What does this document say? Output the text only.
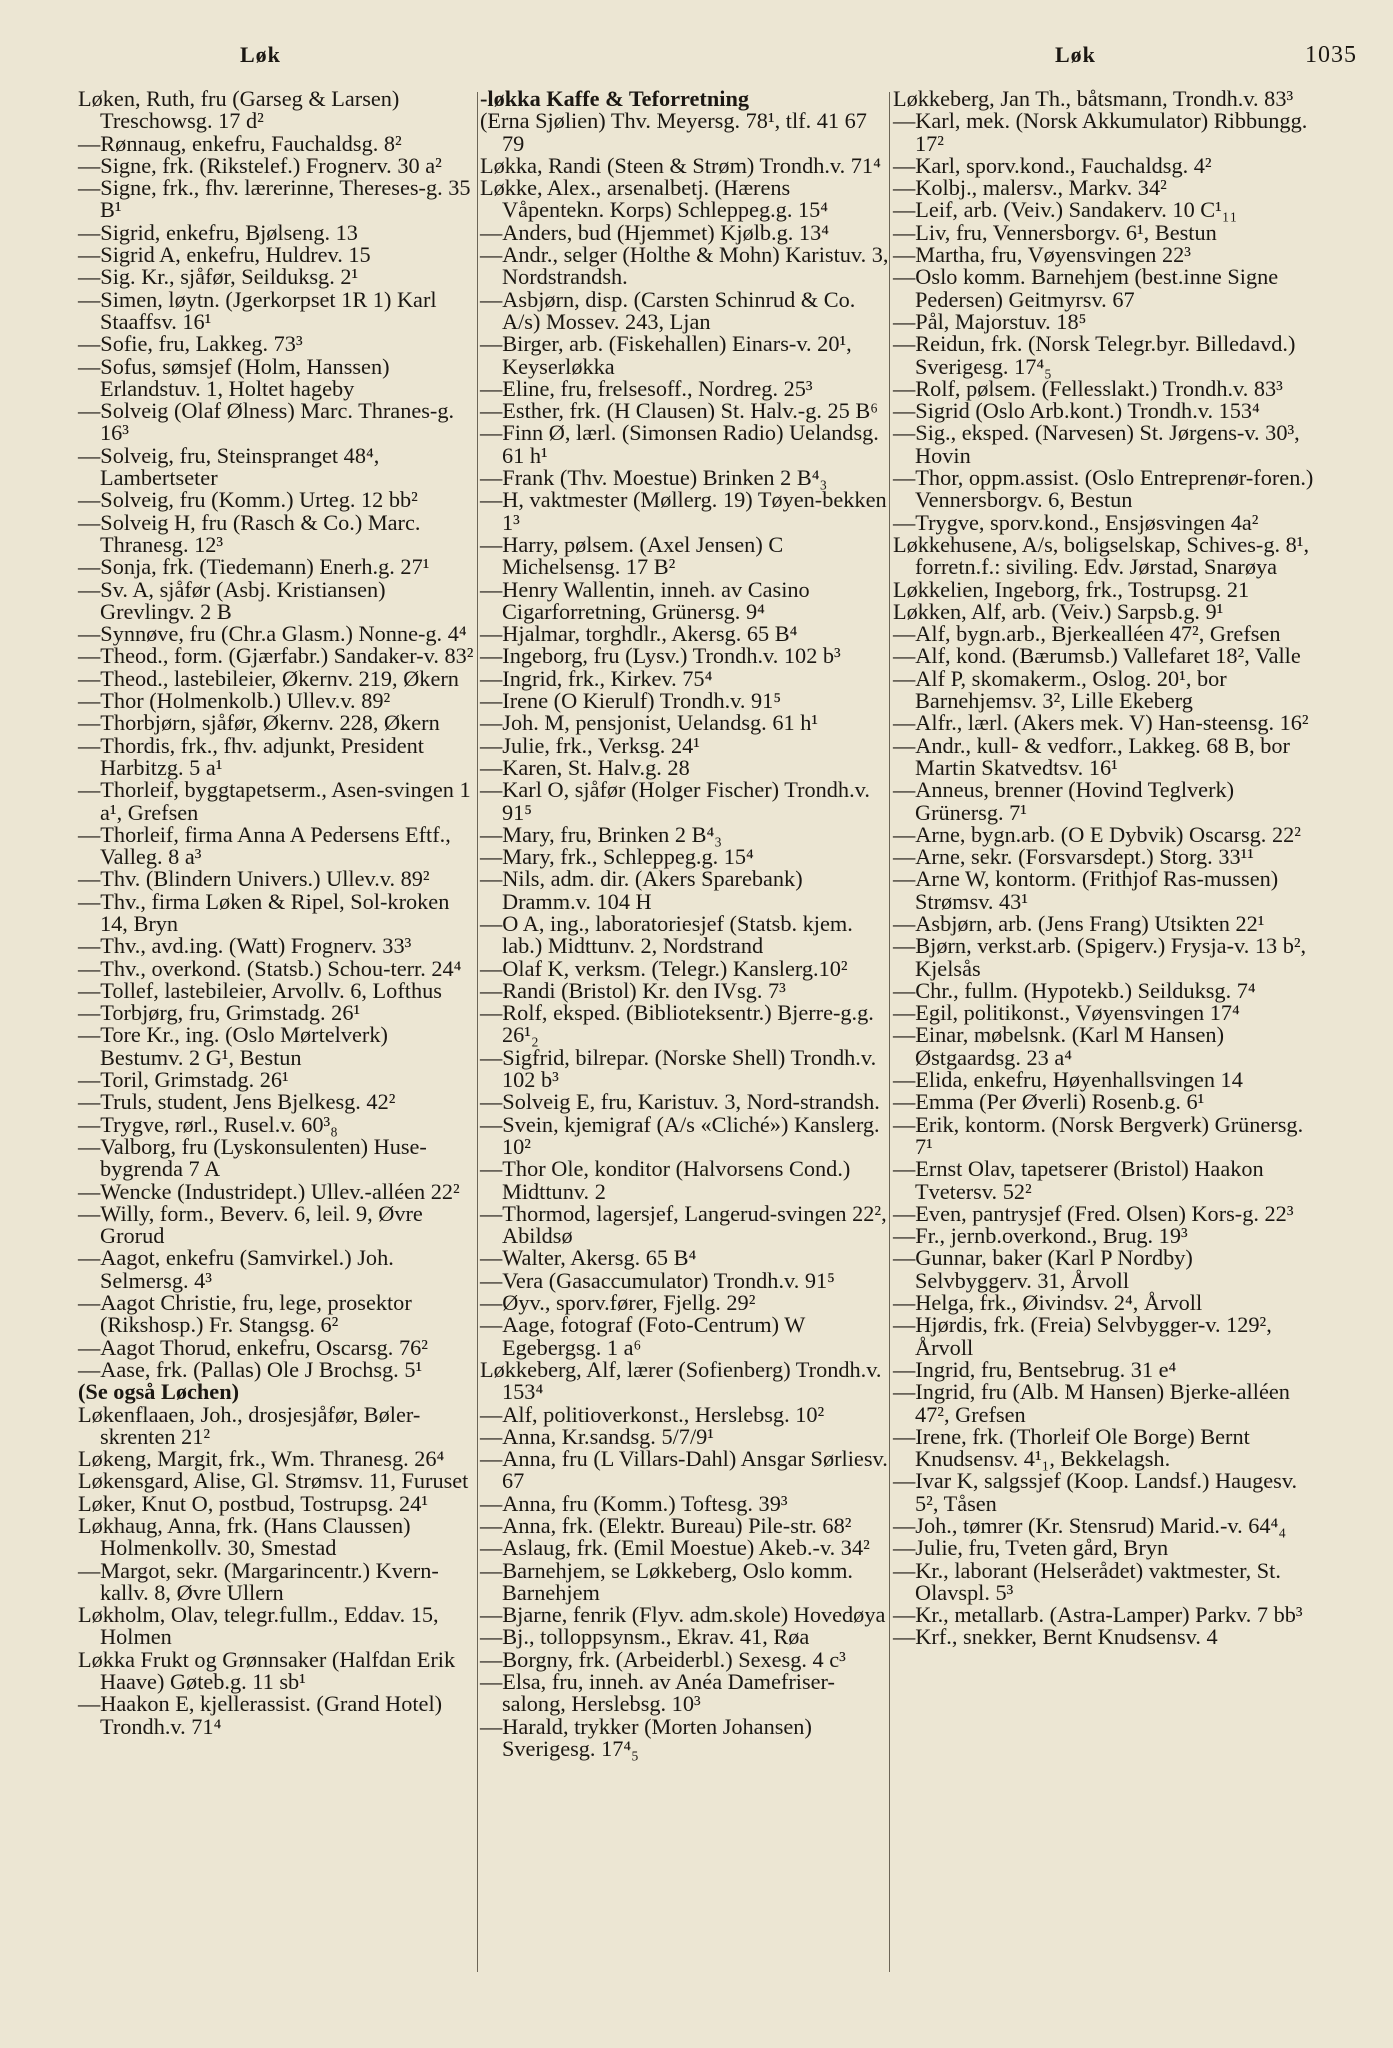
Løk	Løk	1035

Løken, Ruth, fru (Garseg & Larsen) Treschowsg. 17 d²

—Rønnaug, enkefru, Fauchaldsg. 8²

—Signe, frk. (Rikstelef.) Frognerv. 30 a²

—Signe, frk., fhv. lærerinne, Thereses-g. 35 B¹

—Sigrid, enkefru, Bjølseng. 13

—Sigrid A, enkefru, Huldrev. 15

—Sig. Kr., sjåfør, Seilduksg. 2¹

—Simen, løytn. (Jgerkorpset 1R 1) Karl Staaffsv. 16¹

—Sofie, fru, Lakkeg. 73³

—Sofus, sømsjef (Holm, Hanssen) Erlandstuv. 1, Holtet hageby

—Solveig (Olaf Ølness) Marc. Thranes-g. 16³

—Solveig, fru, Steinspranget 48⁴, Lambertseter

—Solveig, fru (Komm.) Urteg. 12 bb²

—Solveig H, fru (Rasch & Co.) Marc. Thranesg. 12³

—Sonja, frk. (Tiedemann) Enerh.g. 27¹

—Sv. A, sjåfør (Asbj. Kristiansen) Grevlingv. 2 B

—Synnøve, fru (Chr.a Glasm.) Nonne-g. 4⁴

—Theod., form. (Gjærfabr.) Sandaker-v. 83²

—Theod., lastebileier, Økernv. 219, Økern

—Thor (Holmenkolb.) Ullev.v. 89²

—Thorbjørn, sjåfør, Økernv. 228, Økern

—Thordis, frk., fhv. adjunkt, President Harbitzg. 5 a¹

—Thorleif, byggtapetserm., Asen-svingen 1 a¹, Grefsen

—Thorleif, firma Anna A Pedersens Eftf., Valleg. 8 a³

—Thv. (Blindern Univers.) Ullev.v. 89²

—Thv., firma Løken & Ripel, Sol-kroken 14, Bryn

—Thv., avd.ing. (Watt) Frognerv. 33³

—Thv., overkond. (Statsb.) Schou-terr. 24⁴

—Tollef, lastebileier, Arvollv. 6, Lofthus

—Torbjørg, fru, Grimstadg. 26¹

—Tore Kr., ing. (Oslo Mørtelverk) Bestumv. 2 G¹, Bestun

—Toril, Grimstadg. 26¹

—Truls, student, Jens Bjelkesg. 42²

—Trygve, rørl., Rusel.v. 60³₈

—Valborg, fru (Lyskonsulenten) Huse-bygrenda 7 A

—Wencke (Industridept.) Ullev.-alléen 22²

—Willy, form., Beverv. 6, leil. 9, Øvre Grorud

—Aagot, enkefru (Samvirkel.) Joh. Selmersg. 4³

—Aagot Christie, fru, lege, prosektor (Rikshosp.) Fr. Stangsg. 6²

—Aagot Thorud, enkefru, Oscarsg. 76²

—Aase, frk. (Pallas) Ole J Brochsg. 5¹

(Se også Løchen)

Løkenflaaen, Joh., drosjesjåfør, Bøler-skrenten 21²

Løkeng, Margit, frk., Wm. Thranesg. 26⁴

Løkensgard, Alise, Gl. Strømsv. 11, Furuset

Løker, Knut O, postbud, Tostrupsg. 24¹

Løkhaug, Anna, frk. (Hans Claussen) Holmenkollv. 30, Smestad

—Margot, sekr. (Margarincentr.) Kvern-kallv. 8, Øvre Ullern

Løkholm, Olav, telegr.fullm., Eddav. 15, Holmen

Løkka Frukt og Grønnsaker (Halfdan Erik Haave) Gøteb.g. 11 sb¹

—Haakon E, kjellerassist. (Grand Hotel) Trondh.v. 71⁴

-løkka Kaffe & Teforretning

(Erna Sjølien) Thv. Meyersg. 78¹, tlf. 41 67 79

Løkka, Randi (Steen & Strøm) Trondh.v. 71⁴

Løkke, Alex., arsenalbetj. (Hærens Våpentekn. Korps) Schleppeg.g. 15⁴

—Anders, bud (Hjemmet) Kjølb.g. 13⁴

—Andr., selger (Holthe & Mohn) Karistuv. 3, Nordstrandsh.

—Asbjørn, disp. (Carsten Schinrud & Co. A/s) Mossev. 243, Ljan

—Birger, arb. (Fiskehallen) Einars-v. 20¹, Keyserløkka

—Eline, fru, frelsesoff., Nordreg. 25³

—Esther, frk. (H Clausen) St. Halv.-g. 25 B⁶

—Finn Ø, lærl. (Simonsen Radio) Uelandsg. 61 h¹

—Frank (Thv. Moestue) Brinken 2 B⁴₃

—H, vaktmester (Møllerg. 19) Tøyen-bekken 1³

—Harry, pølsem. (Axel Jensen) C Michelsensg. 17 B²

—Henry Wallentin, inneh. av Casino Cigarforretning, Grünersg. 9⁴

—Hjalmar, torghdlr., Akersg. 65 B⁴

—Ingeborg, fru (Lysv.) Trondh.v. 102 b³

—Ingrid, frk., Kirkev. 75⁴

—Irene (O Kierulf) Trondh.v. 91⁵

—Joh. M, pensjonist, Uelandsg. 61 h¹

—Julie, frk., Verksg. 24¹

—Karen, St. Halv.g. 28

—Karl O, sjåfør (Holger Fischer) Trondh.v. 91⁵

—Mary, fru, Brinken 2 B⁴₃

—Mary, frk., Schleppeg.g. 15⁴

—Nils, adm. dir. (Akers Sparebank) Dramm.v. 104 H

—O A, ing., laboratoriesjef (Statsb. kjem. lab.) Midttunv. 2, Nordstrand

—Olaf K, verksm. (Telegr.) Kanslerg.10²

—Randi (Bristol) Kr. den IVsg. 7³

—Rolf, eksped. (Biblioteksentr.) Bjerre-g.g. 26¹₂

—Sigfrid, bilrepar. (Norske Shell) Trondh.v. 102 b³

—Solveig E, fru, Karistuv. 3, Nord-strandsh.

—Svein, kjemigraf (A/s «Cliché») Kanslerg. 10²

—Thor Ole, konditor (Halvorsens Cond.) Midttunv. 2

—Thormod, lagersjef, Langerud-svingen 22², Abildsø

—Walter, Akersg. 65 B⁴

—Vera (Gasaccumulator) Trondh.v. 91⁵

—Øyv., sporv.fører, Fjellg. 29²

—Aage, fotograf (Foto-Centrum) W Egebergsg. 1 a⁶

Løkkeberg, Alf, lærer (Sofienberg) Trondh.v. 153⁴

—Alf, politioverkonst., Herslebsg. 10²

—Anna, Kr.sandsg. 5/7/9¹

—Anna, fru (L Villars-Dahl) Ansgar Sørliesv. 67

—Anna, fru (Komm.) Toftesg. 39³

—Anna, frk. (Elektr. Bureau) Pile-str. 68²

—Aslaug, frk. (Emil Moestue) Akeb.-v. 34²

—Barnehjem, se Løkkeberg, Oslo komm. Barnehjem

—Bjarne, fenrik (Flyv. adm.skole) Hovedøya

—Bj., tolloppsynsm., Ekrav. 41, Røa

—Borgny, frk. (Arbeiderbl.) Sexesg. 4 c³

—Elsa, fru, inneh. av Anéa Damefriser-salong, Herslebsg. 10³

—Harald, trykker (Morten Johansen) Sverigesg. 17⁴₅

Løkkeberg, Jan Th., båtsmann, Trondh.v. 83³

—Karl, mek. (Norsk Akkumulator) Ribbungg. 17²

—Karl, sporv.kond., Fauchaldsg. 4²

—Kolbj., malersv., Markv. 34²

—Leif, arb. (Veiv.) Sandakerv. 10 C¹₁₁

—Liv, fru, Vennersborgv. 6¹, Bestun

—Martha, fru, Vøyensvingen 22³

—Oslo komm. Barnehjem (best.inne Signe Pedersen) Geitmyrsv. 67

—Pål, Majorstuv. 18⁵

—Reidun, frk. (Norsk Telegr.byr. Billedavd.) Sverigesg. 17⁴₅

—Rolf, pølsem. (Fellesslakt.) Trondh.v. 83³

—Sigrid (Oslo Arb.kont.) Trondh.v. 153⁴

—Sig., eksped. (Narvesen) St. Jørgens-v. 30³, Hovin

—Thor, oppm.assist. (Oslo Entreprenør-foren.) Vennersborgv. 6, Bestun

—Trygve, sporv.kond., Ensjøsvingen 4a²

Løkkehusene, A/s, boligselskap, Schives-g. 8¹, forretn.f.: siviling. Edv. Jørstad, Snarøya

Løkkelien, Ingeborg, frk., Tostrupsg. 21

Løkken, Alf, arb. (Veiv.) Sarpsb.g. 9¹

—Alf, bygn.arb., Bjerkealléen 47², Grefsen

—Alf, kond. (Bærumsb.) Vallefaret 18², Valle

—Alf P, skomakerm., Oslog. 20¹, bor Barnehjemsv. 3², Lille Ekeberg

—Alfr., lærl. (Akers mek. V) Han-steensg. 16²

—Andr., kull- & vedforr., Lakkeg. 68 B, bor Martin Skatvedtsv. 16¹

—Anneus, brenner (Hovind Teglverk) Grünersg. 7¹

—Arne, bygn.arb. (O E Dybvik) Oscarsg. 22²

—Arne, sekr. (Forsvarsdept.) Storg. 33¹¹

—Arne W, kontorm. (Frithjof Ras-mussen) Strømsv. 43¹

—Asbjørn, arb. (Jens Frang) Utsikten 22¹

—Bjørn, verkst.arb. (Spigerv.) Frysja-v. 13 b², Kjelsås

—Chr., fullm. (Hypotekb.) Seilduksg. 7⁴

—Egil, politikonst., Vøyensvingen 17⁴

—Einar, møbelsnk. (Karl M Hansen) Østgaardsg. 23 a⁴

—Elida, enkefru, Høyenhallsvingen 14

—Emma (Per Øverli) Rosenb.g. 6¹

—Erik, kontorm. (Norsk Bergverk) Grünersg. 7¹

—Ernst Olav, tapetserer (Bristol) Haakon Tvetersv. 52²

—Even, pantrysjef (Fred. Olsen) Kors-g. 22³

—Fr., jernb.overkond., Brug. 19³

—Gunnar, baker (Karl P Nordby) Selvbyggerv. 31, Årvoll

—Helga, frk., Øivindsv. 2⁴, Årvoll

—Hjørdis, frk. (Freia) Selvbygger-v. 129², Årvoll

—Ingrid, fru, Bentsebrug. 31 e⁴

—Ingrid, fru (Alb. M Hansen) Bjerke-alléen 47², Grefsen

—Irene, frk. (Thorleif Ole Borge) Bernt Knudsensv. 4¹₁, Bekkelagsh.

—Ivar K, salgssjef (Koop. Landsf.) Haugesv. 5², Tåsen

—Joh., tømrer (Kr. Stensrud) Marid.-v. 64⁴₄

—Julie, fru, Tveten gård, Bryn

—Kr., laborant (Helserådet) vaktmester, St. Olavspl. 5³

—Kr., metallarb. (Astra-Lamper) Parkv. 7 bb³

—Krf., snekker, Bernt Knudsensv. 4
